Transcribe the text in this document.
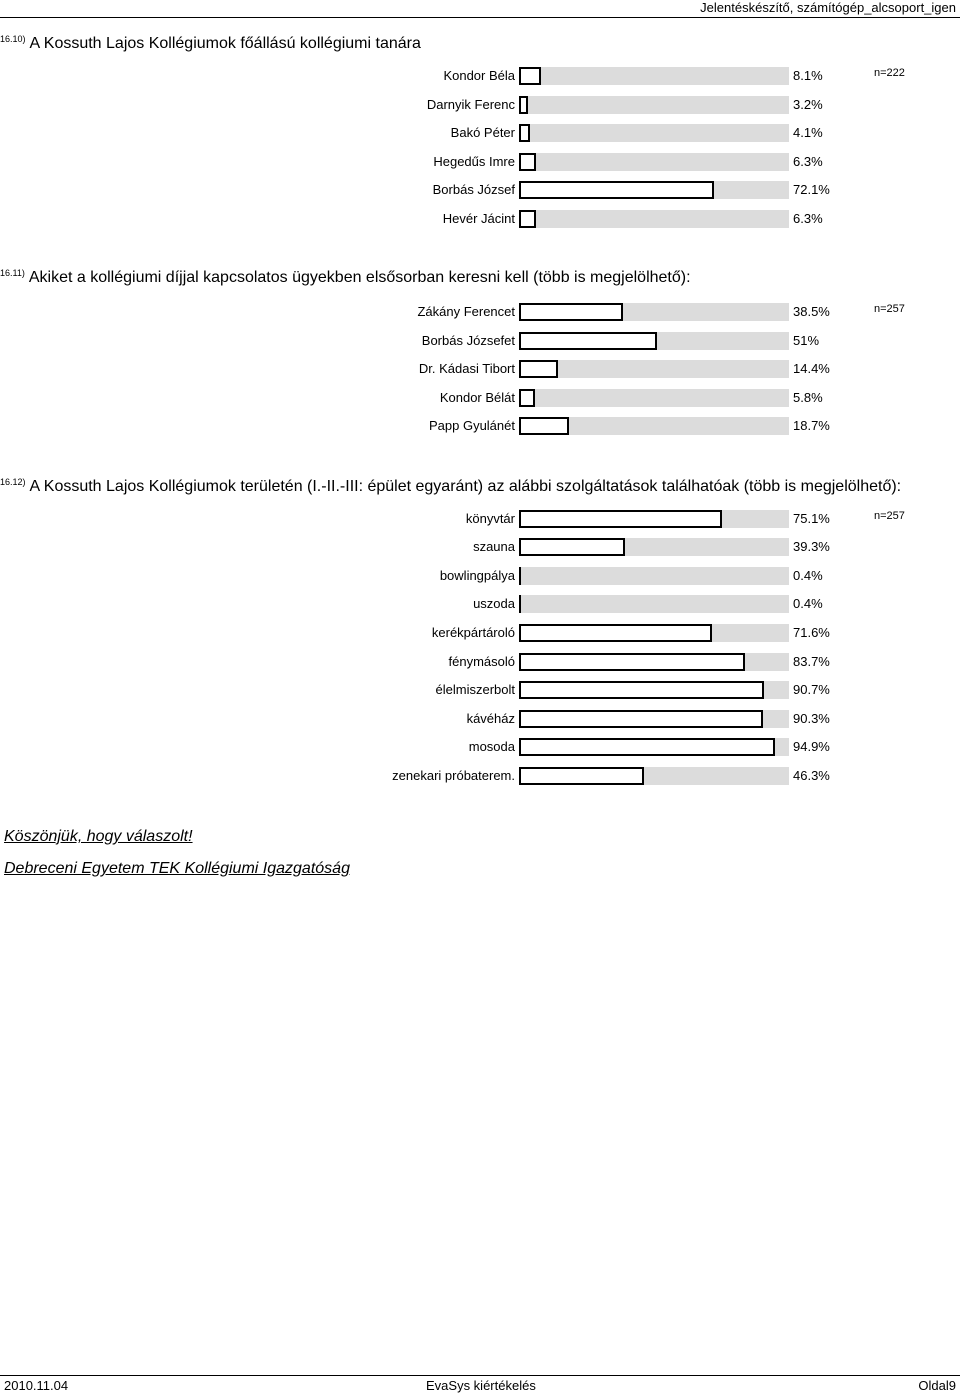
Jelentéskészítő, számítógép_alcsoport_igen
$^{16.10)}$ A Kossuth Lajos Kollégiumok főállású kollégiumi tanára
Kondor Béla	8.1%	n=222
Darnyik Ferenc	3.2%
Bakó Péter	4.1%
Hegedűs Imre	6.3%
Borbás József	72.1%
Hevér Jácint	6.3%
$^{16.11)}$ Akiket a kollégiumi díjjal kapcsolatos ügyekben elsősorban keresni kell (több is megjelölhető):
Zákány Ferencet	38.5%	n=257
Borbás Józsefet	51%
Dr. Kádasi Tibort	14.4%
Kondor Bélát	5.8%
Papp Gyulánét	18.7%
$^{16.12)}$ A Kossuth Lajos Kollégiumok területén (I.-II.-III: épület egyaránt) az alábbi szolgáltatások találhatóak (több is megjelölhető):
könyvtár	75.1%	n=257
szauna	39.3%
bowlingpálya	0.4%
uszoda	0.4%
kerékpártároló	71.6%
fénymásoló	83.7%
élelmiszerbolt	90.7%
kávéház	90.3%
mosoda	94.9%
zenekari próbaterem.	46.3%
Köszönjük, hogy válaszolt!
Debreceni Egyetem TEK Kollégiumi Igazgatóság
2010.11.04	EvaSys kiértékelés	Oldal9
